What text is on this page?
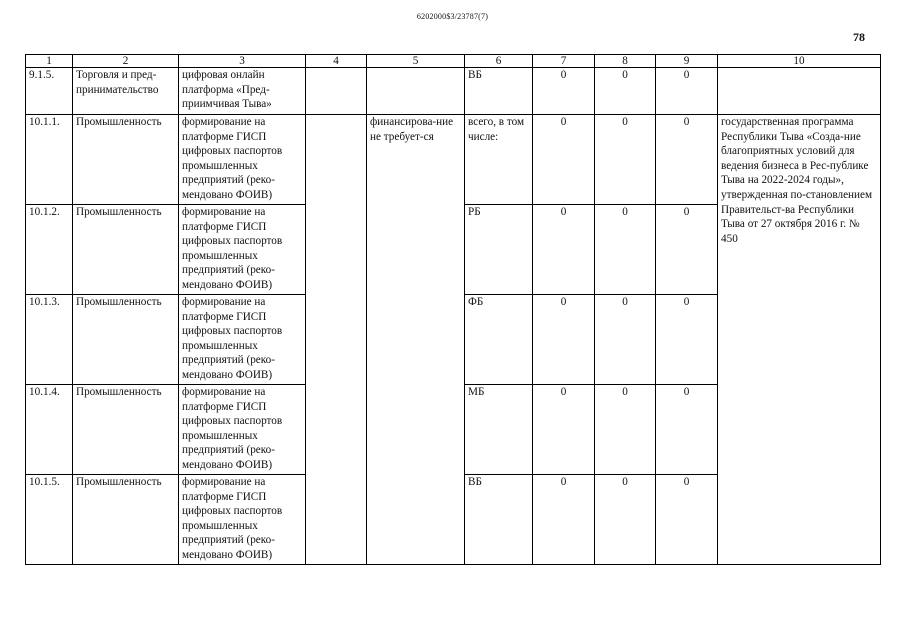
6202000$3/23787(7)
78
1	2	3	4	5	6	7	8	9	10
9.1.5.	Торговля и пред-принимательство	цифровая онлайн платформа «Пред-приимчивая Тыва»			ВБ	0	0	0	
10.1.1.	Промышленность	формирование на платформе ГИСП цифровых паспортов промышленных предприятий (реко-мендовано ФОИВ)		финансирова-ние не требует-ся	всего, в том числе:	0	0	0	государственная программа Республики Тыва «Созда-ние благоприятных условий для ведения бизнеса в Рес-публике Тыва на 2022-2024 годы», утвержденная по-становлением Правительст-ва Республики Тыва от 27 октября 2016 г. № 450
10.1.2.	Промышленность	формирование на платформе ГИСП цифровых паспортов промышленных предприятий (реко-мендовано ФОИВ)			РБ	0	0	0	
10.1.3.	Промышленность	формирование на платформе ГИСП цифровых паспортов промышленных предприятий (реко-мендовано ФОИВ)			ФБ	0	0	0	
10.1.4.	Промышленность	формирование на платформе ГИСП цифровых паспортов промышленных предприятий (реко-мендовано ФОИВ)			МБ	0	0	0	
10.1.5.	Промышленность	формирование на платформе ГИСП цифровых паспортов промышленных предприятий (реко-мендовано ФОИВ)			ВБ	0	0	0	
